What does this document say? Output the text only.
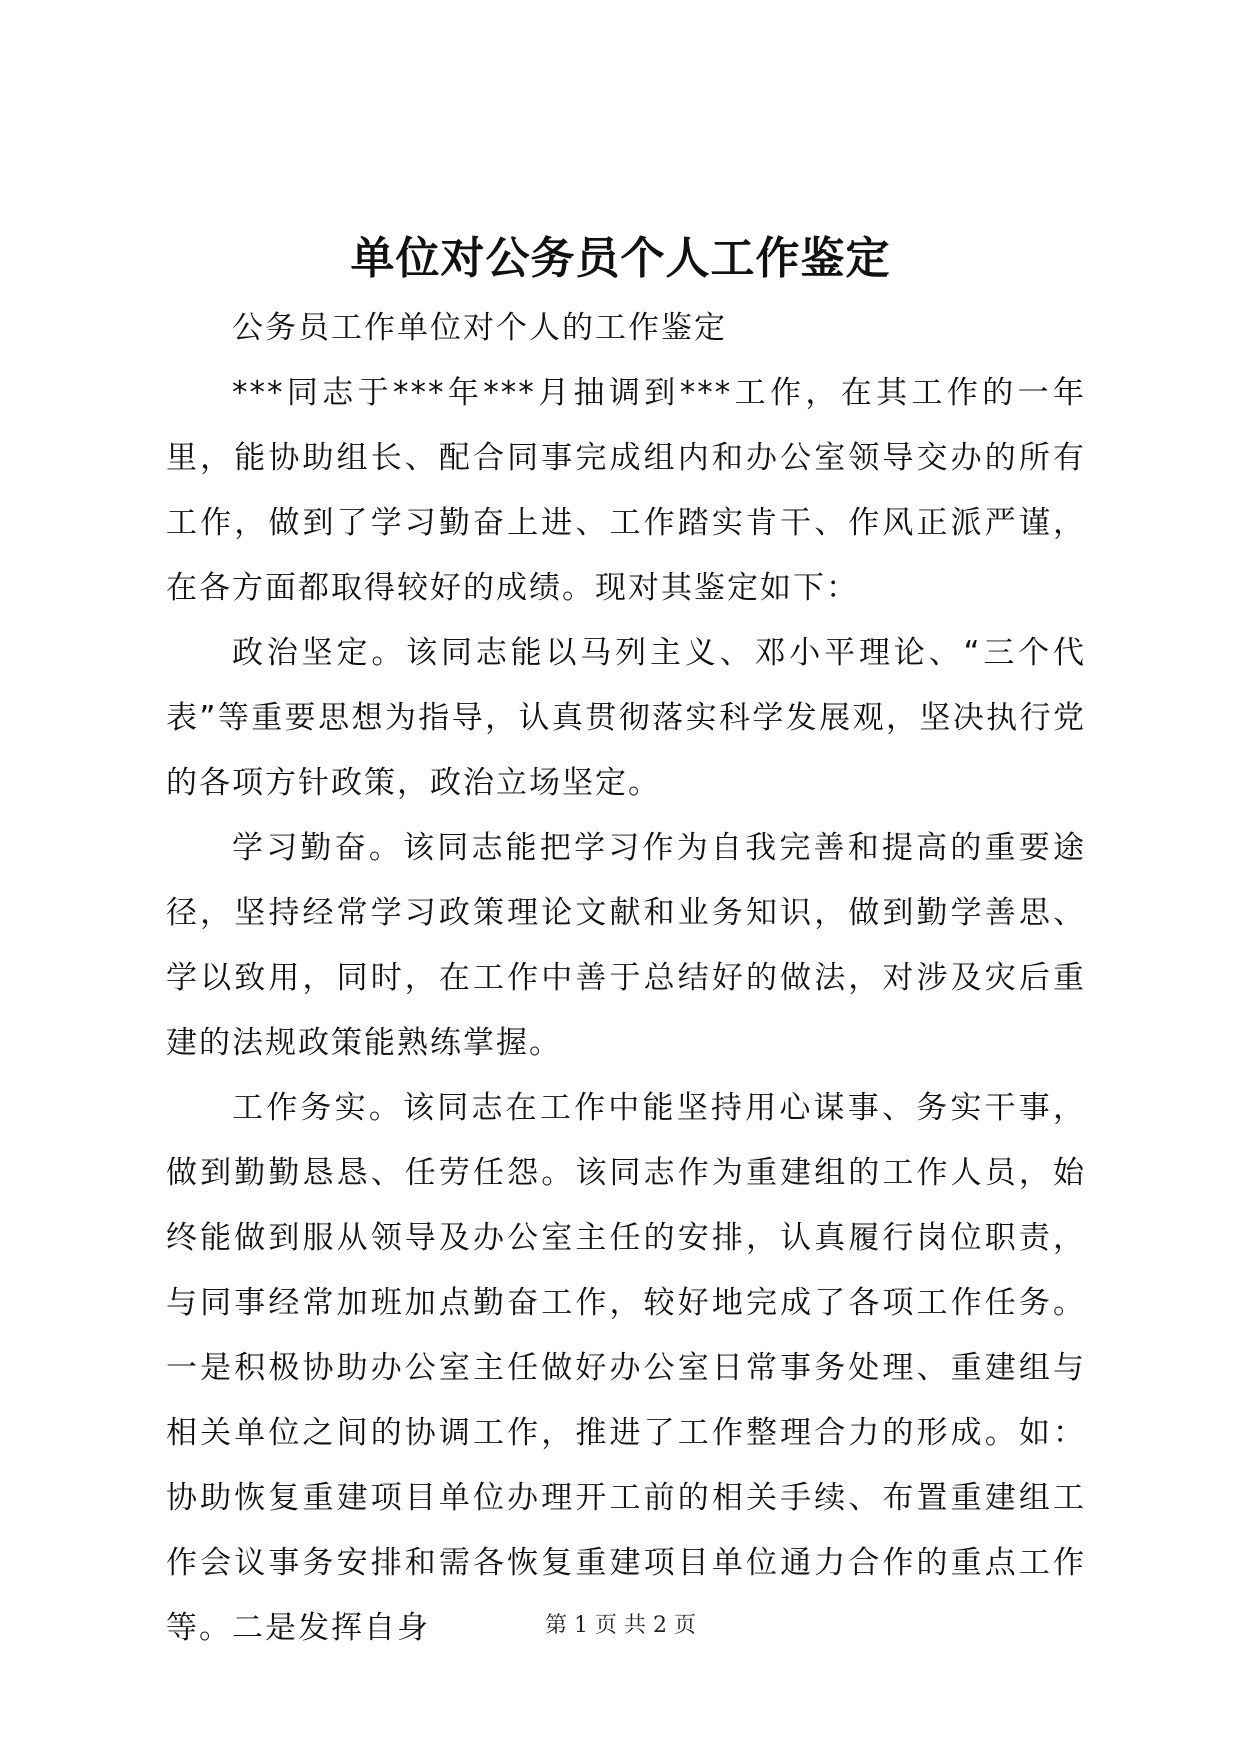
单位对公务员个人工作鉴定

公务员工作单位对个人的工作鉴定

***同志于***年***月抽调到***工作，在其工作的一年里，能协助组长、配合同事完成组内和办公室领导交办的所有工作，做到了学习勤奋上进、工作踏实肯干、作风正派严谨，在各方面都取得较好的成绩。现对其鉴定如下：

政治坚定。该同志能以马列主义、邓小平理论、“三个代表”等重要思想为指导，认真贯彻落实科学发展观，坚决执行党的各项方针政策，政治立场坚定。

学习勤奋。该同志能把学习作为自我完善和提高的重要途径，坚持经常学习政策理论文献和业务知识，做到勤学善思、学以致用，同时，在工作中善于总结好的做法，对涉及灾后重建的法规政策能熟练掌握。

工作务实。该同志在工作中能坚持用心谋事、务实干事，做到勤勤恳恳、任劳任怨。该同志作为重建组的工作人员，始终能做到服从领导及办公室主任的安排，认真履行岗位职责，与同事经常加班加点勤奋工作，较好地完成了各项工作任务。一是积极协助办公室主任做好办公室日常事务处理、重建组与相关单位之间的协调工作，推进了工作整理合力的形成。如：协助恢复重建项目单位办理开工前的相关手续、布置重建组工作会议事务安排和需各恢复重建项目单位通力合作的重点工作等。二是发挥自身	第 1 页 共 2 页
